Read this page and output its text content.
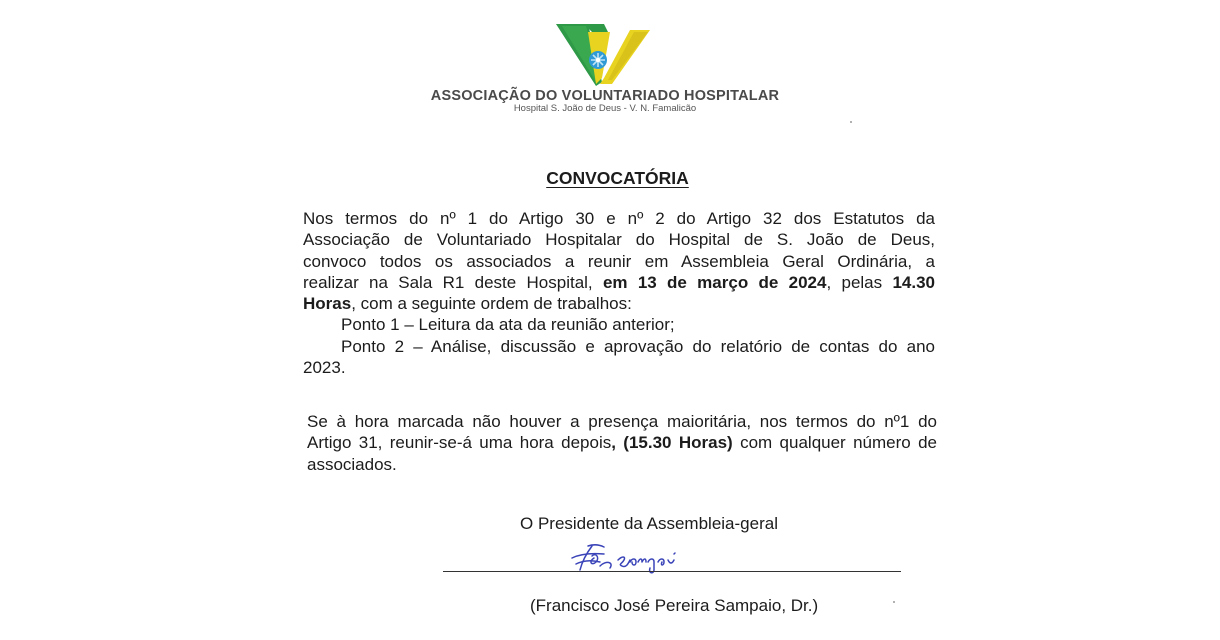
ASSOCIAÇÃO DO VOLUNTARIADO HOSPITALAR
Hospital S. João de Deus - V. N. Famalicão
CONVOCATÓRIA
Nos termos do nº 1 do Artigo 30 e nº 2 do Artigo 32 dos Estatutos da
Associação de Voluntariado Hospitalar do Hospital de S. João de Deus,
convoco todos os associados a reunir em Assembleia Geral Ordinária, a
realizar na Sala R1 deste Hospital, em 13 de março de 2024, pelas 14.30
Horas, com a seguinte ordem de trabalhos:
Ponto 1 – Leitura da ata da reunião anterior;
Ponto 2 – Análise, discussão e aprovação do relatório de contas do ano
2023.
Se à hora marcada não houver a presença maioritária, nos termos do nº1 do
Artigo 31, reunir-se-á uma hora depois, (15.30 Horas) com qualquer número de
associados.
O Presidente da Assembleia-geral
(Francisco José Pereira Sampaio, Dr.)
